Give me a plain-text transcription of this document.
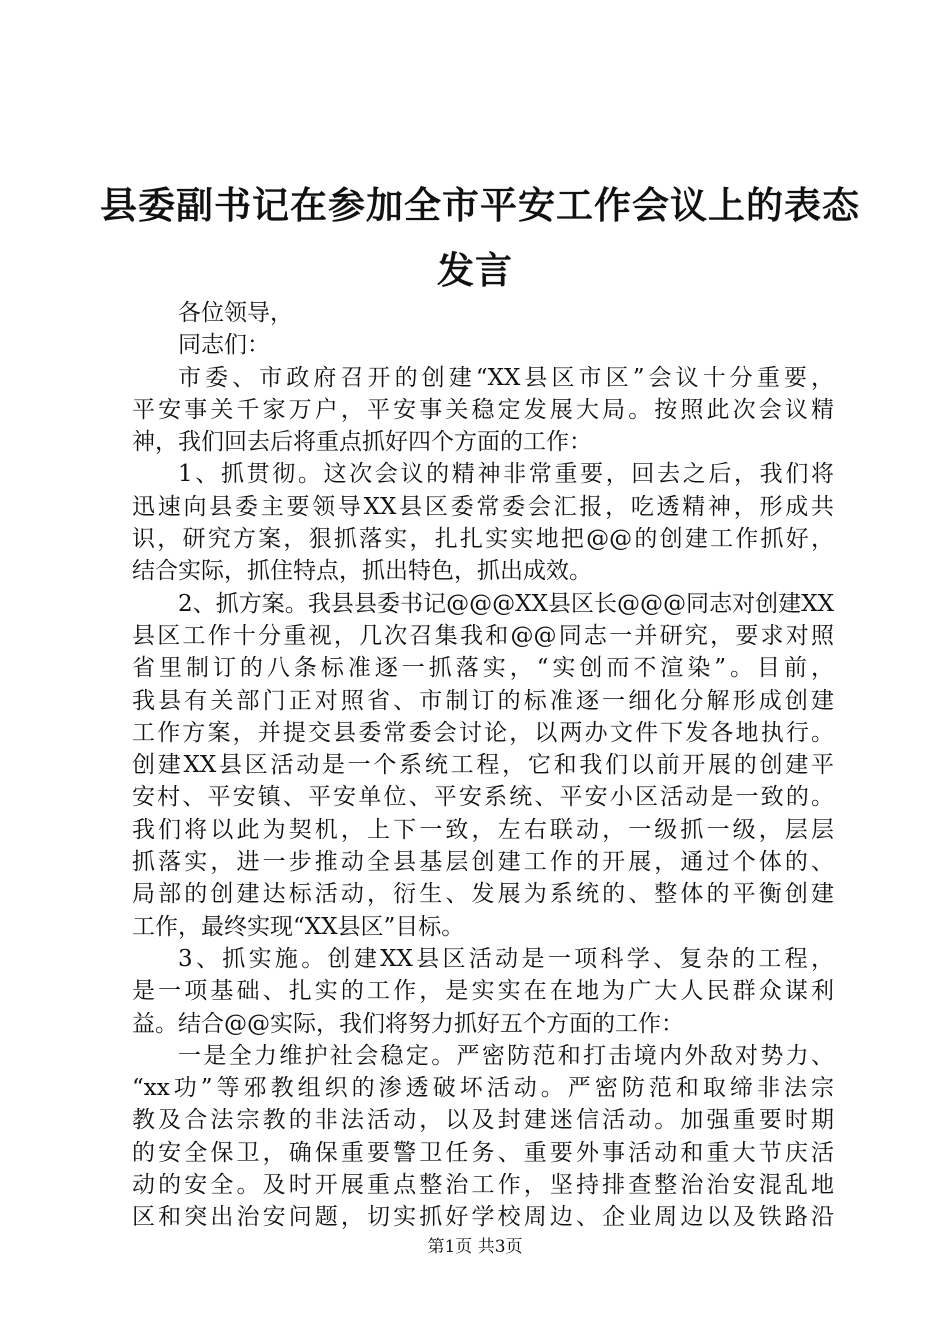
县委副书记在参加全市平安工作会议上的表态
发言
各位领导，
同志们：
市委、市政府召开的创建“XX县区市区”会议十分重要，
平安事关千家万户，平安事关稳定发展大局。按照此次会议精
神，我们回去后将重点抓好四个方面的工作：
1、抓贯彻。这次会议的精神非常重要，回去之后，我们将
迅速向县委主要领导XX县区委常委会汇报，吃透精神，形成共
识，研究方案，狠抓落实，扎扎实实地把@@的创建工作抓好，
结合实际，抓住特点，抓出特色，抓出成效。
2、抓方案。我县县委书记@@@XX县区长@@@同志对创建XX
县区工作十分重视，几次召集我和@@同志一并研究，要求对照
省里制订的八条标准逐一抓落实，“实创而不渲染”。目前，
我县有关部门正对照省、市制订的标准逐一细化分解形成创建
工作方案，并提交县委常委会讨论，以两办文件下发各地执行。
创建XX县区活动是一个系统工程，它和我们以前开展的创建平
安村、平安镇、平安单位、平安系统、平安小区活动是一致的。
我们将以此为契机，上下一致，左右联动，一级抓一级，层层
抓落实，进一步推动全县基层创建工作的开展，通过个体的、
局部的创建达标活动，衍生、发展为系统的、整体的平衡创建
工作，最终实现“XX县区”目标。
3、抓实施。创建XX县区活动是一项科学、复杂的工程，
是一项基础、扎实的工作，是实实在在地为广大人民群众谋利
益。结合@@实际，我们将努力抓好五个方面的工作：
一是全力维护社会稳定。严密防范和打击境内外敌对势力、
“xx功”等邪教组织的渗透破坏活动。严密防范和取缔非法宗
教及合法宗教的非法活动，以及封建迷信活动。加强重要时期
的安全保卫，确保重要警卫任务、重要外事活动和重大节庆活
动的安全。及时开展重点整治工作，坚持排查整治治安混乱地
区和突出治安问题，切实抓好学校周边、企业周边以及铁路沿
第1页 共3页
